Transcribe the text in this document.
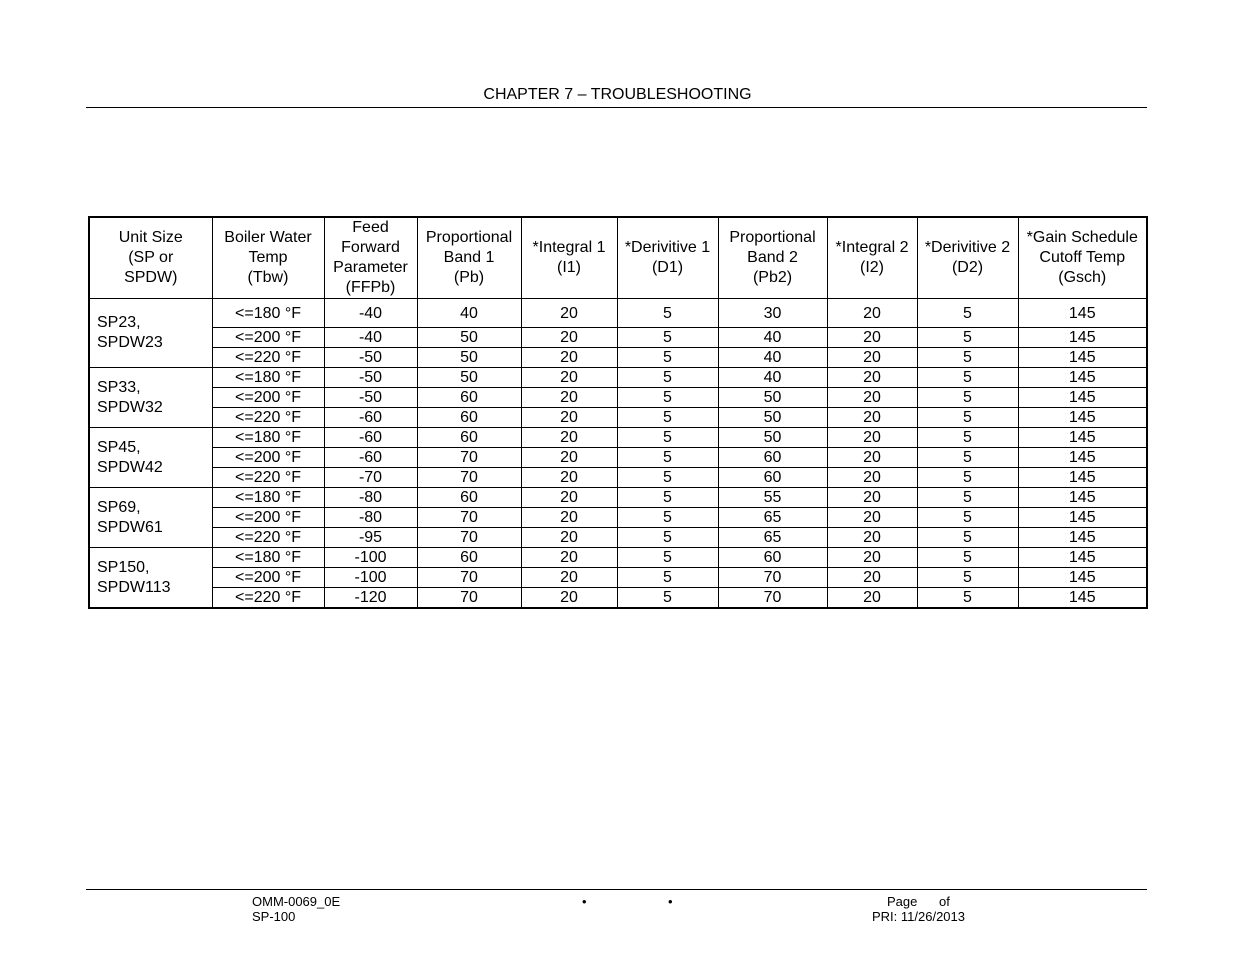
CHAPTER 7 – TROUBLESHOOTING
Unit Size
(SP or
SPDW)	Boiler Water
Temp
(Tbw)	Feed
Forward
Parameter
(FFPb)	Proportional
Band 1
(Pb)	*Integral 1
(I1)	*Derivitive 1
(D1)	Proportional
Band 2
(Pb2)	*Integral 2
(I2)	*Derivitive 2
(D2)	*Gain Schedule
Cutoff Temp
(Gsch)
SP23,
SPDW23	<=180 °F	-40	40	20	5	30	20	5	145
	<=200 °F	-40	50	20	5	40	20	5	145
	<=220 °F	-50	50	20	5	40	20	5	145
SP33,
SPDW32	<=180 °F	-50	50	20	5	40	20	5	145
	<=200 °F	-50	60	20	5	50	20	5	145
	<=220 °F	-60	60	20	5	50	20	5	145
SP45,
SPDW42	<=180 °F	-60	60	20	5	50	20	5	145
	<=200 °F	-60	70	20	5	60	20	5	145
	<=220 °F	-70	70	20	5	60	20	5	145
SP69,
SPDW61	<=180 °F	-80	60	20	5	55	20	5	145
	<=200 °F	-80	70	20	5	65	20	5	145
	<=220 °F	-95	70	20	5	65	20	5	145
SP150,
SPDW113	<=180 °F	-100	60	20	5	60	20	5	145
	<=200 °F	-100	70	20	5	70	20	5	145
	<=220 °F	-120	70	20	5	70	20	5	145
OMM-0069_0E
SP-100
•	•	Page of
PRI: 11/26/2013
